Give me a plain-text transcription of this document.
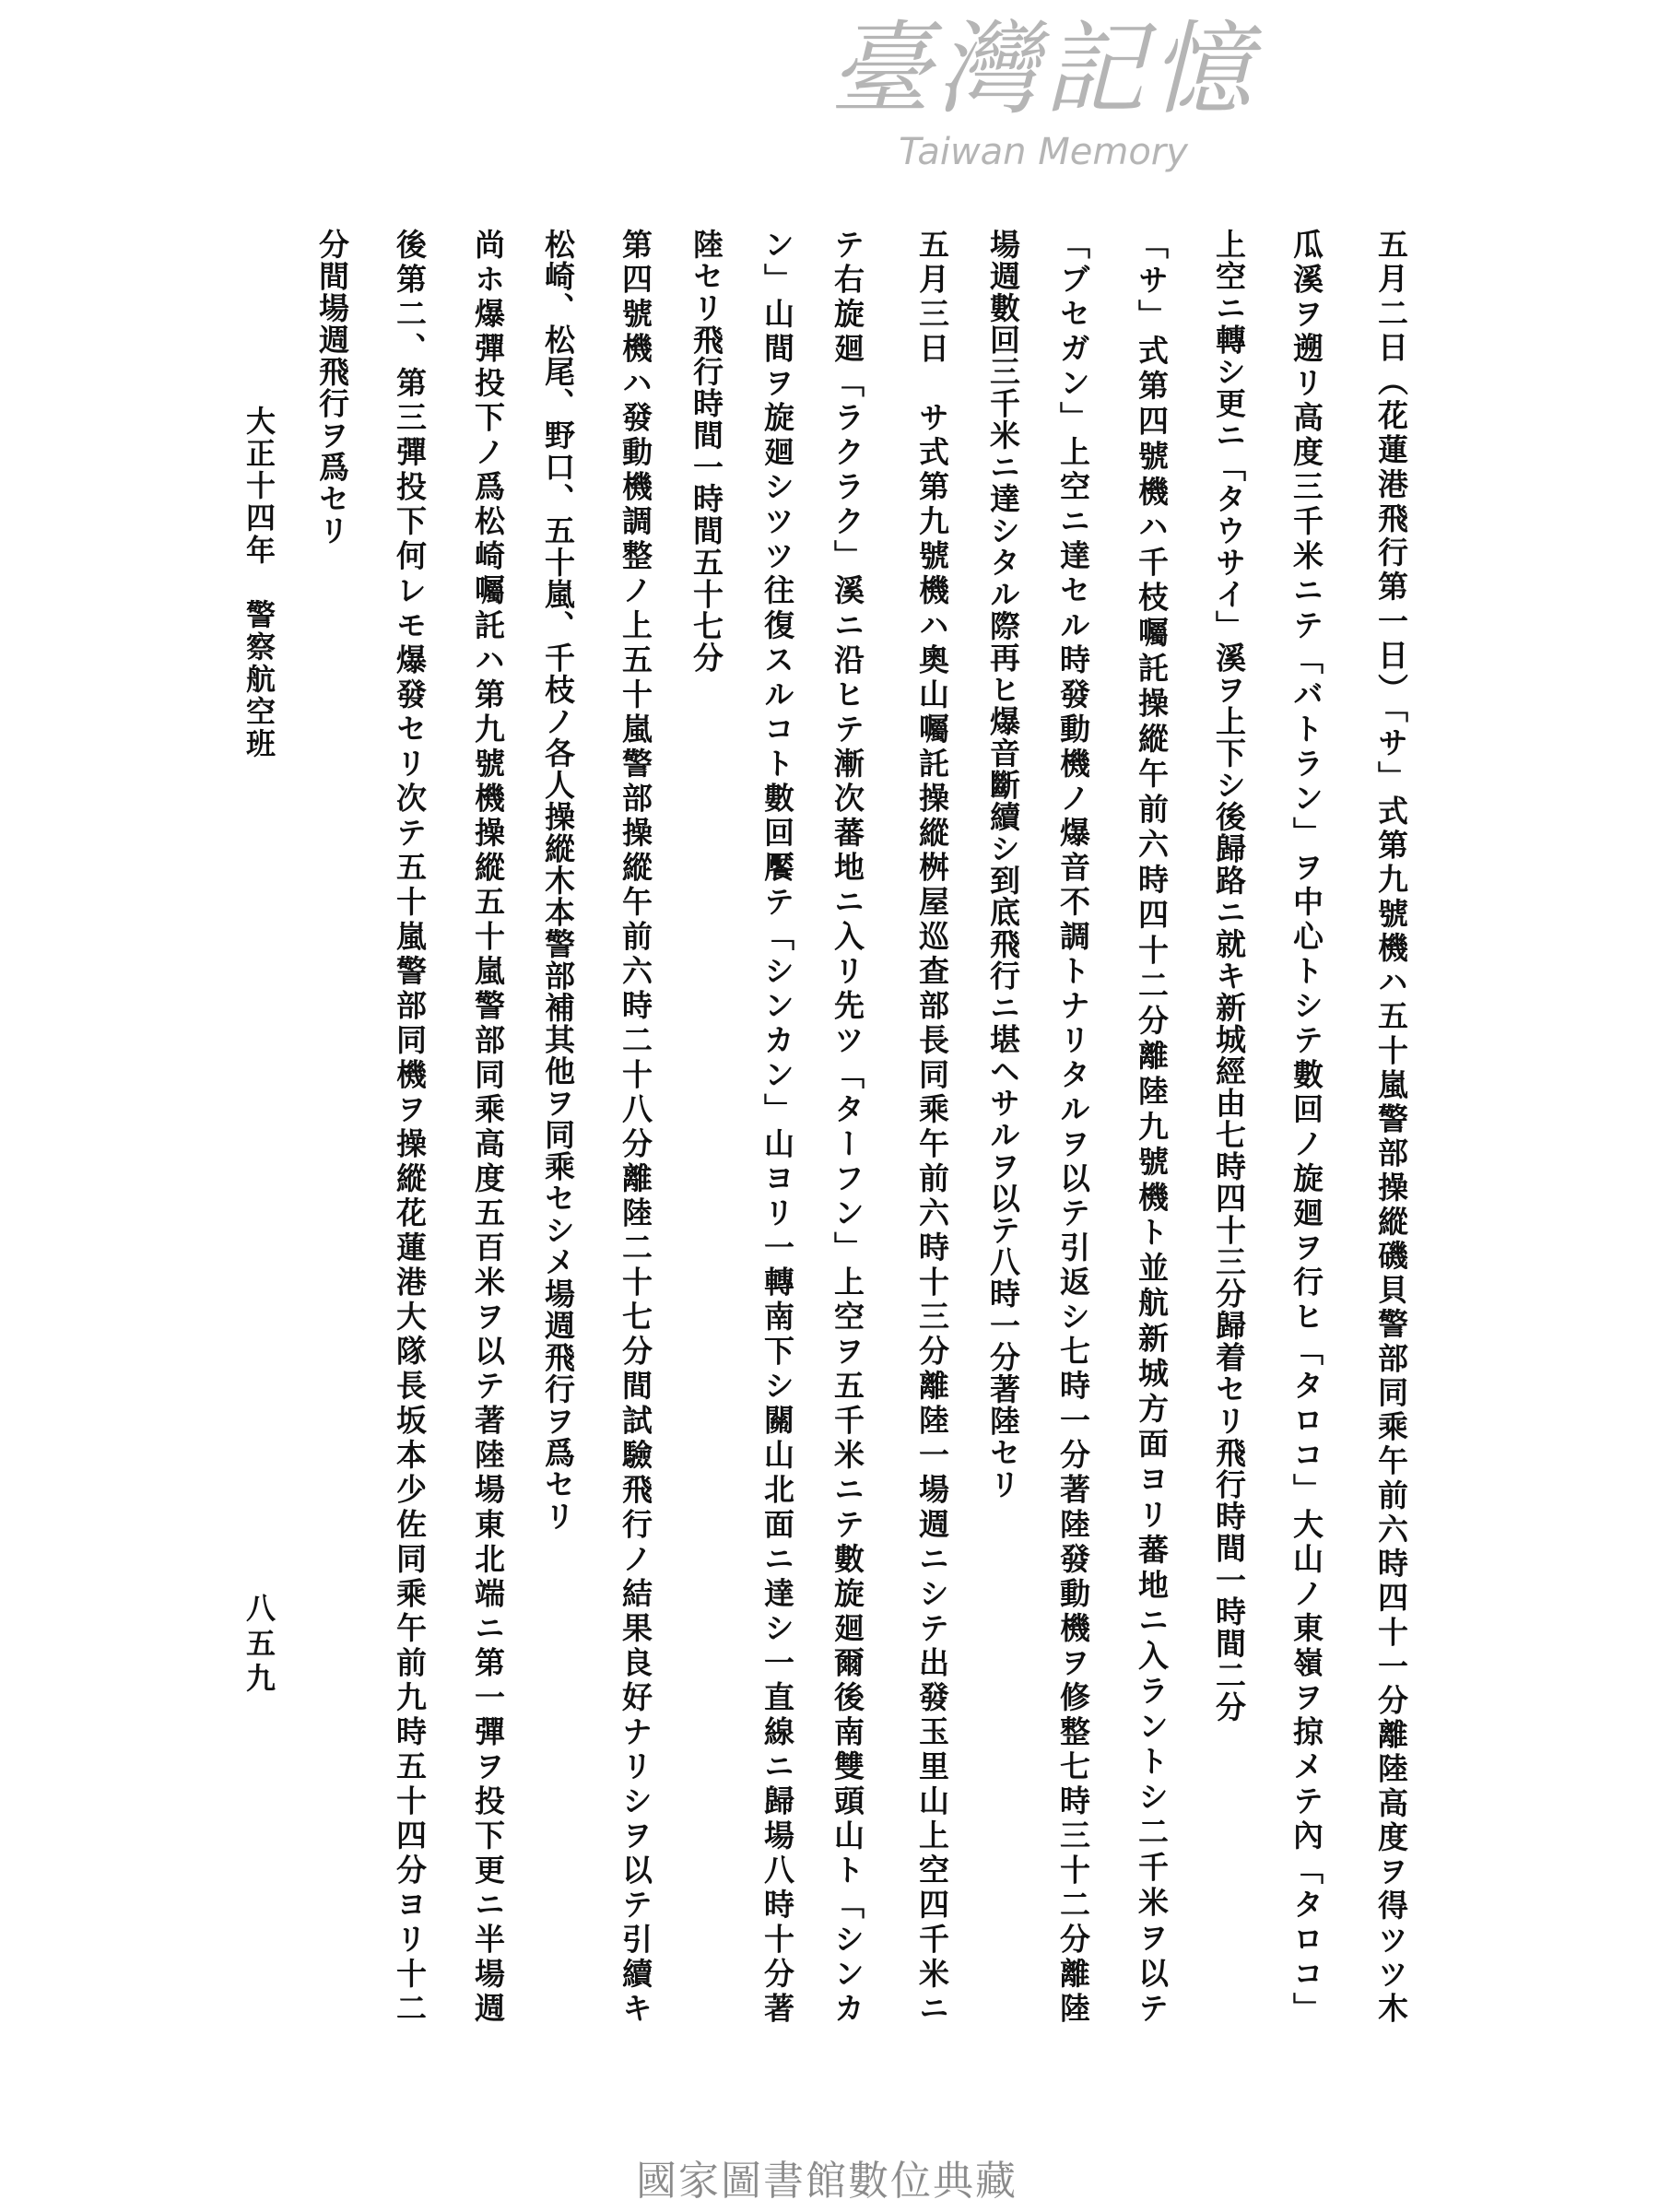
五月二日（花蓮港飛行第一日）「サ」式第九號機ハ五十嵐警部操縱磯貝警部同乘午前六時四十一分離陸高度ヲ得ツツ木
瓜溪ヲ遡リ高度三千米ニテ「バトラン」ヲ中心トシテ數回ノ旋廻ヲ行ヒ「タロコ」大山ノ東嶺ヲ掠メテ內「タロコ」
上空ニ轉シ更ニ「タウサイ」溪ヲ上下シ後歸路ニ就キ新城經由七時四十三分歸着セリ飛行時間一時間二分
「サ」式第四號機ハ千枝囑託操縱午前六時四十二分離陸九號機ト並航新城方面ヨリ蕃地ニ入ラントシ二千米ヲ以テ
「ブセガン」上空ニ達セル時發動機ノ爆音不調トナリタルヲ以テ引返シ七時一分著陸發動機ヲ修整七時三十二分離陸
場週數回三千米ニ達シタル際再ヒ爆音斷續シ到底飛行ニ堪ヘサルヲ以テ八時一分著陸セリ
五月三日　サ式第九號機ハ奧山囑託操縱桝屋巡查部長同乘午前六時十三分離陸一場週ニシテ出發玉里山上空四千米ニ
テ右旋廻「ラクラク」溪ニ沿ヒテ漸次蕃地ニ入リ先ツ「ターフン」上空ヲ五千米ニテ數旋廻爾後南雙頭山ト「シンカ
ン」山間ヲ旋廻シツツ往復スルコト數回饜テ「シンカン」山ヨリ一轉南下シ關山北面ニ達シ一直線ニ歸場八時十分著
陸セリ飛行時間一時間五十七分
第四號機ハ發動機調整ノ上五十嵐警部操縱午前六時二十八分離陸二十七分間試驗飛行ノ結果良好ナリシヲ以テ引續キ
松崎、松尾、野口、五十嵐、千枝ノ各人操縱木本警部補其他ヲ同乘セシメ場週飛行ヲ爲セリ
尚ホ爆彈投下ノ爲松崎囑託ハ第九號機操縱五十嵐警部同乘高度五百米ヲ以テ著陸場東北端ニ第一彈ヲ投下更ニ半場週
後第二、第三彈投下何レモ爆發セリ次テ五十嵐警部同機ヲ操縱花蓮港大隊長坂本少佐同乘午前九時五十四分ヨリ十二
分間場週飛行ヲ爲セリ
大正十四年　警察航空班
八五九
臺灣記憶
Taiwan Memory
國家圖書館數位典藏
